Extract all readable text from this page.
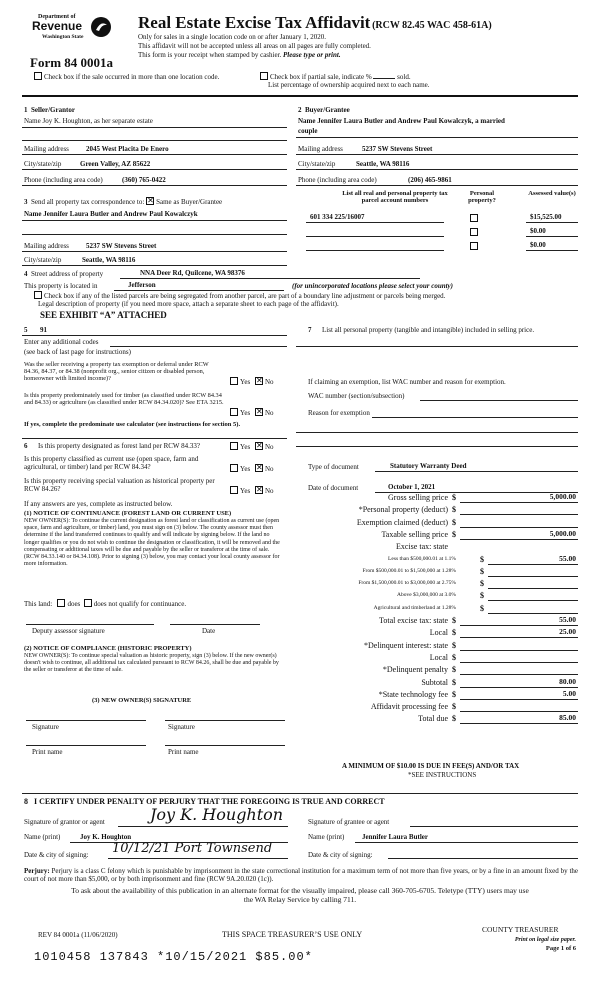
Department of
Revenue
Washington State
Real Estate Excise Tax Affidavit (RCW 82.45 WAC 458-61A)
Only for sales in a single location code on or after January 1, 2020.
This affidavit will not be accepted unless all areas on all pages are fully completed.
This form is your receipt when stamped by cashier. Please type or print.
Form 84 0001a
Check box if the sale occurred in more than one location code.	Check box if partial sale, indicate %	sold.
List percentage of ownership acquired next to each name.
1 Seller/Grantor
Name Joy K. Houghton, as her separate estate
Mailing address 2045 West Placita De Enero
City/state/zip	Green Valley, AZ 85622
Phone (including area code)	(360) 765-0422
2 Buyer/Grantee
Name Jennifer Laura Butler and Andrew Paul Kowalczyk, a married
couple
Mailing address	5237 SW Stevens Street
City/state/zip	Seattle, WA 98116
Phone (including area code)	(206) 465-9861
3 Send all property tax correspondence to: ✕ Same as Buyer/Grantee
Name Jennifer Laura Butler and Andrew Paul Kowalczyk
Mailing address 5237 SW Stevens Street
City/state/zip	Seattle, WA 98116
List all real and personal property tax parcel account numbers
Personal property?
Assessed value(s)
601 334 225/16007	$15,525.00
$0.00
$0.00
4 Street address of property	NNA Deer Rd, Quilcene, WA 98376
This property is located in	Jefferson	(for unincorporated locations please select your county)
Check box if any of the listed parcels are being segregated from another parcel, are part of a boundary line adjustment or parcels being merged.
Legal description of property (if you need more space, attach a separate sheet to each page of the affidavit).
SEE EXHIBIT “A” ATTACHED
5 91
Enter any additional codes
(see back of last page for instructions)
Was the seller receiving a property tax exemption or deferral under RCW 84.36, 84.37, or 84.38 (nonprofit org., senior citizen or disabled person, homeowner with limited income)?	Yes ✕ No
Is this property predominately used for timber (as classified under RCW 84.34 and 84.33) or agriculture (as classified under RCW 84.34.020)? See ETA 3215.
Yes ✕ No
If yes, complete the predominate use calculator (see instructions for section 5).
6 Is this property designated as forest land per RCW 84.33?	Yes ✕ No
Is this property classified as current use (open space, farm and agricultural, or timber) land per RCW 84.34?	Yes ✕ No
Is this property receiving special valuation as historical property per RCW 84.26?	Yes ✕ No
If any answers are yes, complete as instructed below.
(1) NOTICE OF CONTINUANCE (FOREST LAND OR CURRENT USE)
NEW OWNER(S): To continue the current designation as forest land or classification as current use (open space, farm and agriculture, or timber) land, you must sign on (3) below. The county assessor must then determine if the land transferred continues to qualify and will indicate by signing below. If the land no longer qualifies or you do not wish to continue the designation or classification, it will be removed and the compensating or additional taxes will be due and payable by the seller or transferor at the time of sale. (RCW 84.33.140 or 84.34.108). Prior to signing (3) below, you may contact your local county assessor for more information.
This land: does does not qualify for continuance.
Deputy assessor signature	Date
(2) NOTICE OF COMPLIANCE (HISTORIC PROPERTY)
NEW OWNER(S): To continue special valuation as historic property, sign (3) below. If the new owner(s) doesn't wish to continue, all additional tax calculated pursuant to RCW 84.26, shall be due and payable by the seller or transferor at the time of sale.
(3) NEW OWNER(S) SIGNATURE
Signature	Signature
Print name	Print name
7 List all personal property (tangible and intangible) included in selling price.
If claiming an exemption, list WAC number and reason for exemption.
WAC number (section/subsection)
Reason for exemption
Type of document	Statutory Warranty Deed
Date of document	October 1, 2021
Gross selling price $	5,000.00
*Personal property (deduct) $
Exemption claimed (deduct) $
Taxable selling price $	5,000.00
Excise tax: state
Less than $500,000.01 at 1.1%	$	55.00
From $500,000.01 to $1,500,000 at 1.28%	$
From $1,500,000.01 to $3,000,000 at 2.75%	$
Above $3,000,000 at 3.0%	$
Agricultural and timberland at 1.28%	$
Total excise tax: state $	55.00
Local $	25.00
*Delinquent interest: state $
Local $
*Delinquent penalty $
Subtotal $	80.00
*State technology fee $	5.00
Affidavit processing fee $
Total due $	85.00
A MINIMUM OF $10.00 IS DUE IN FEE(S) AND/OR TAX
*SEE INSTRUCTIONS
8 I CERTIFY UNDER PENALTY OF PERJURY THAT THE FOREGOING IS TRUE AND CORRECT
Signature of grantor or agent	Joy K. Houghton
Name (print)	Joy K. Houghton
Date & city of signing: 10/12/21 Port Townsend
Signature of grantee or agent
Name (print)	Jennifer Laura Butler
Date & city of signing:
Perjury: Perjury is a class C felony which is punishable by imprisonment in the state correctional institution for a maximum term of not more than five years, or by a fine in an amount fixed by the court of not more than $5,000, or by both imprisonment and fine (RCW 9A.20.020 (1c)).
To ask about the availability of this publication in an alternate format for the visually impaired, please call 360-705-6705. Teletype (TTY) users may use the WA Relay Service by calling 711.
REV 84 0001a (11/06/2020)	THIS SPACE TREASURER’S USE ONLY
COUNTY TREASURER
Print on legal size paper.
Page 1 of 6
1010458 137843 *10/15/2021 $85.00*
